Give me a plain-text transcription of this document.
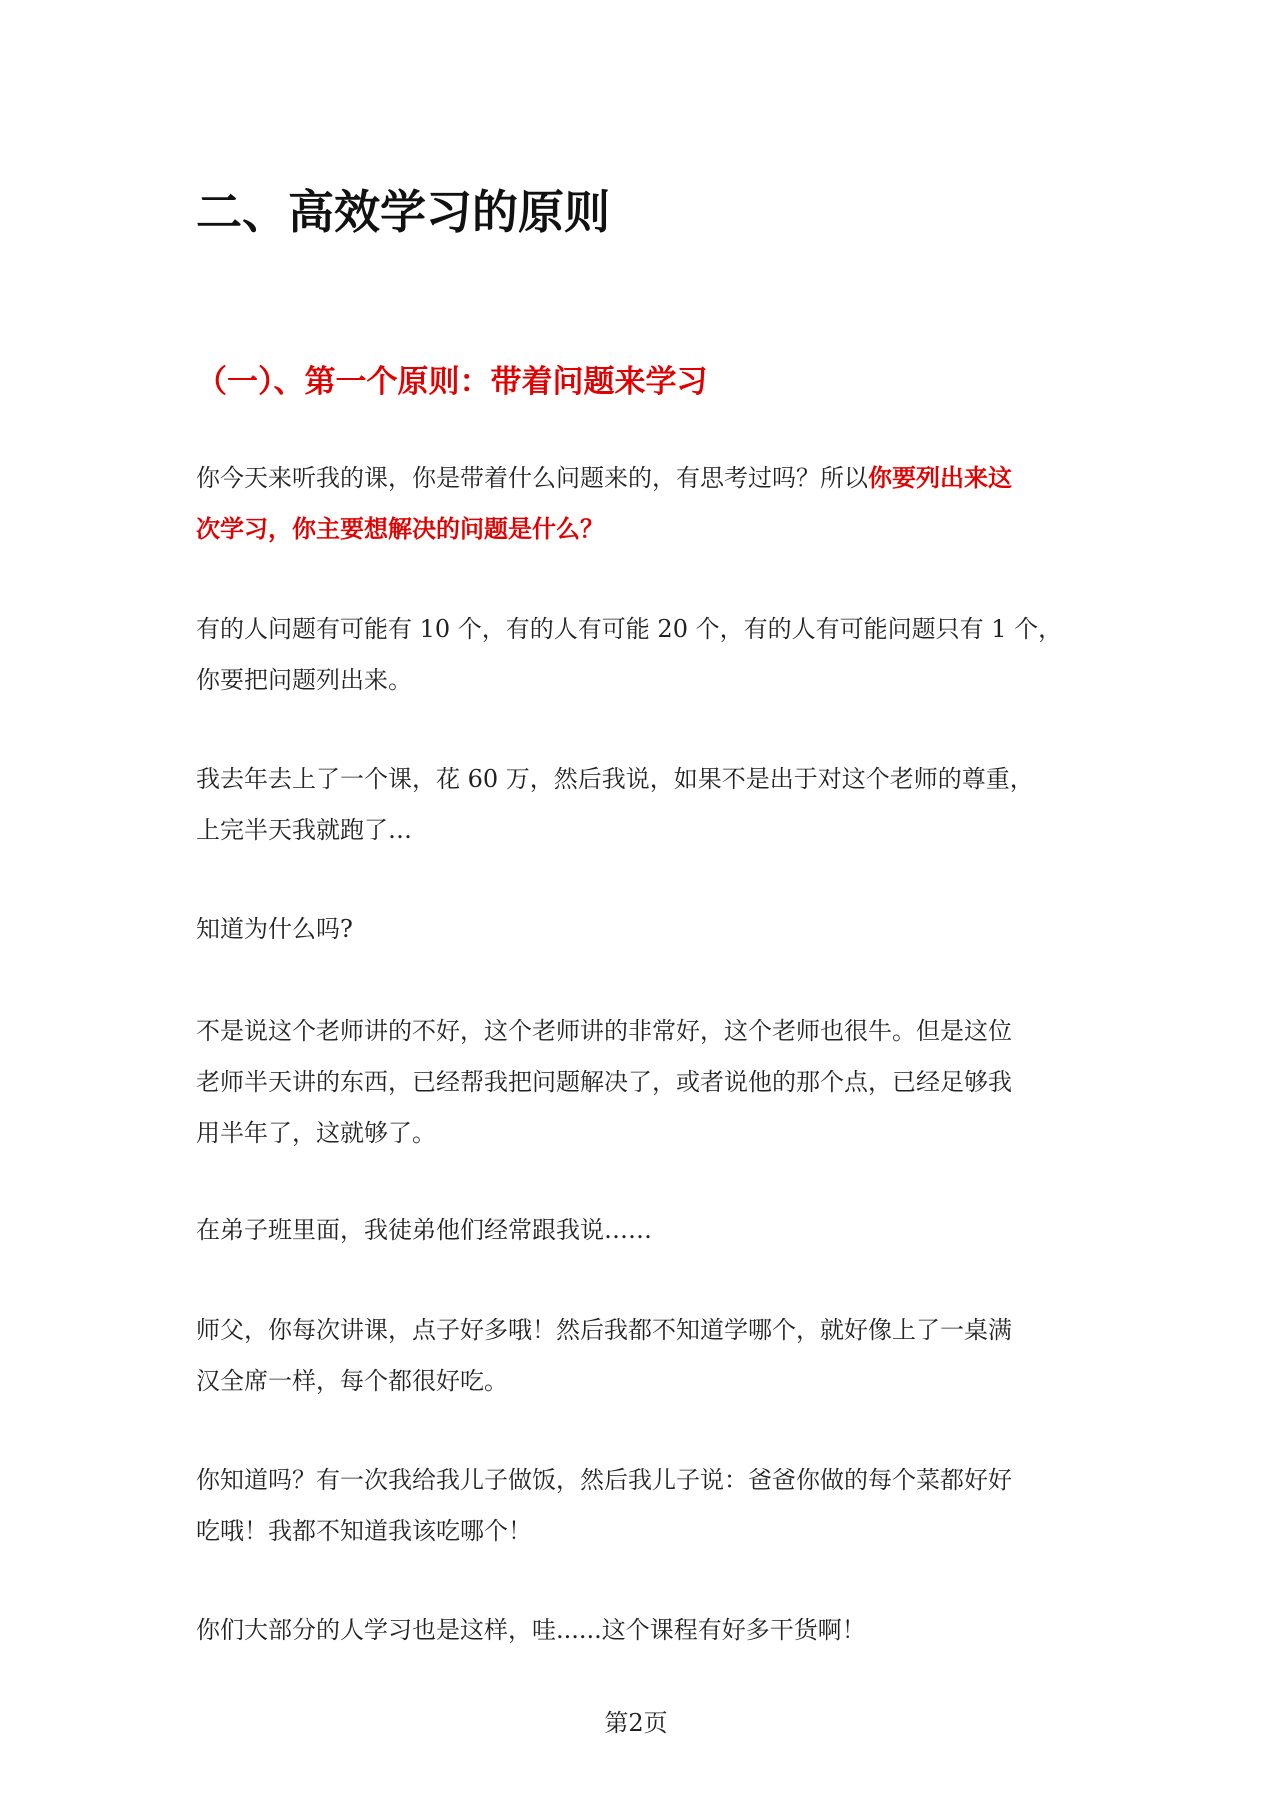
二、高效学习的原则
（一）、第一个原则：带着问题来学习

你今天来听我的课，你是带着什么问题来的，有思考过吗？所以你要列出来这
次学习，你主要想解决的问题是什么？

有的人问题有可能有 10 个，有的人有可能 20 个，有的人有可能问题只有 1 个，
你要把问题列出来。

我去年去上了一个课，花 60 万，然后我说，如果不是出于对这个老师的尊重，
上完半天我就跑了…

知道为什么吗?

不是说这个老师讲的不好，这个老师讲的非常好，这个老师也很牛。但是这位
老师半天讲的东西，已经帮我把问题解决了，或者说他的那个点，已经足够我
用半年了，这就够了。

在弟子班里面，我徒弟他们经常跟我说……

师父，你每次讲课，点子好多哦！然后我都不知道学哪个，就好像上了一桌满
汉全席一样，每个都很好吃。

你知道吗？有一次我给我儿子做饭，然后我儿子说：爸爸你做的每个菜都好好
吃哦！我都不知道我该吃哪个！

你们大部分的人学习也是这样，哇......这个课程有好多干货啊！

第2页
